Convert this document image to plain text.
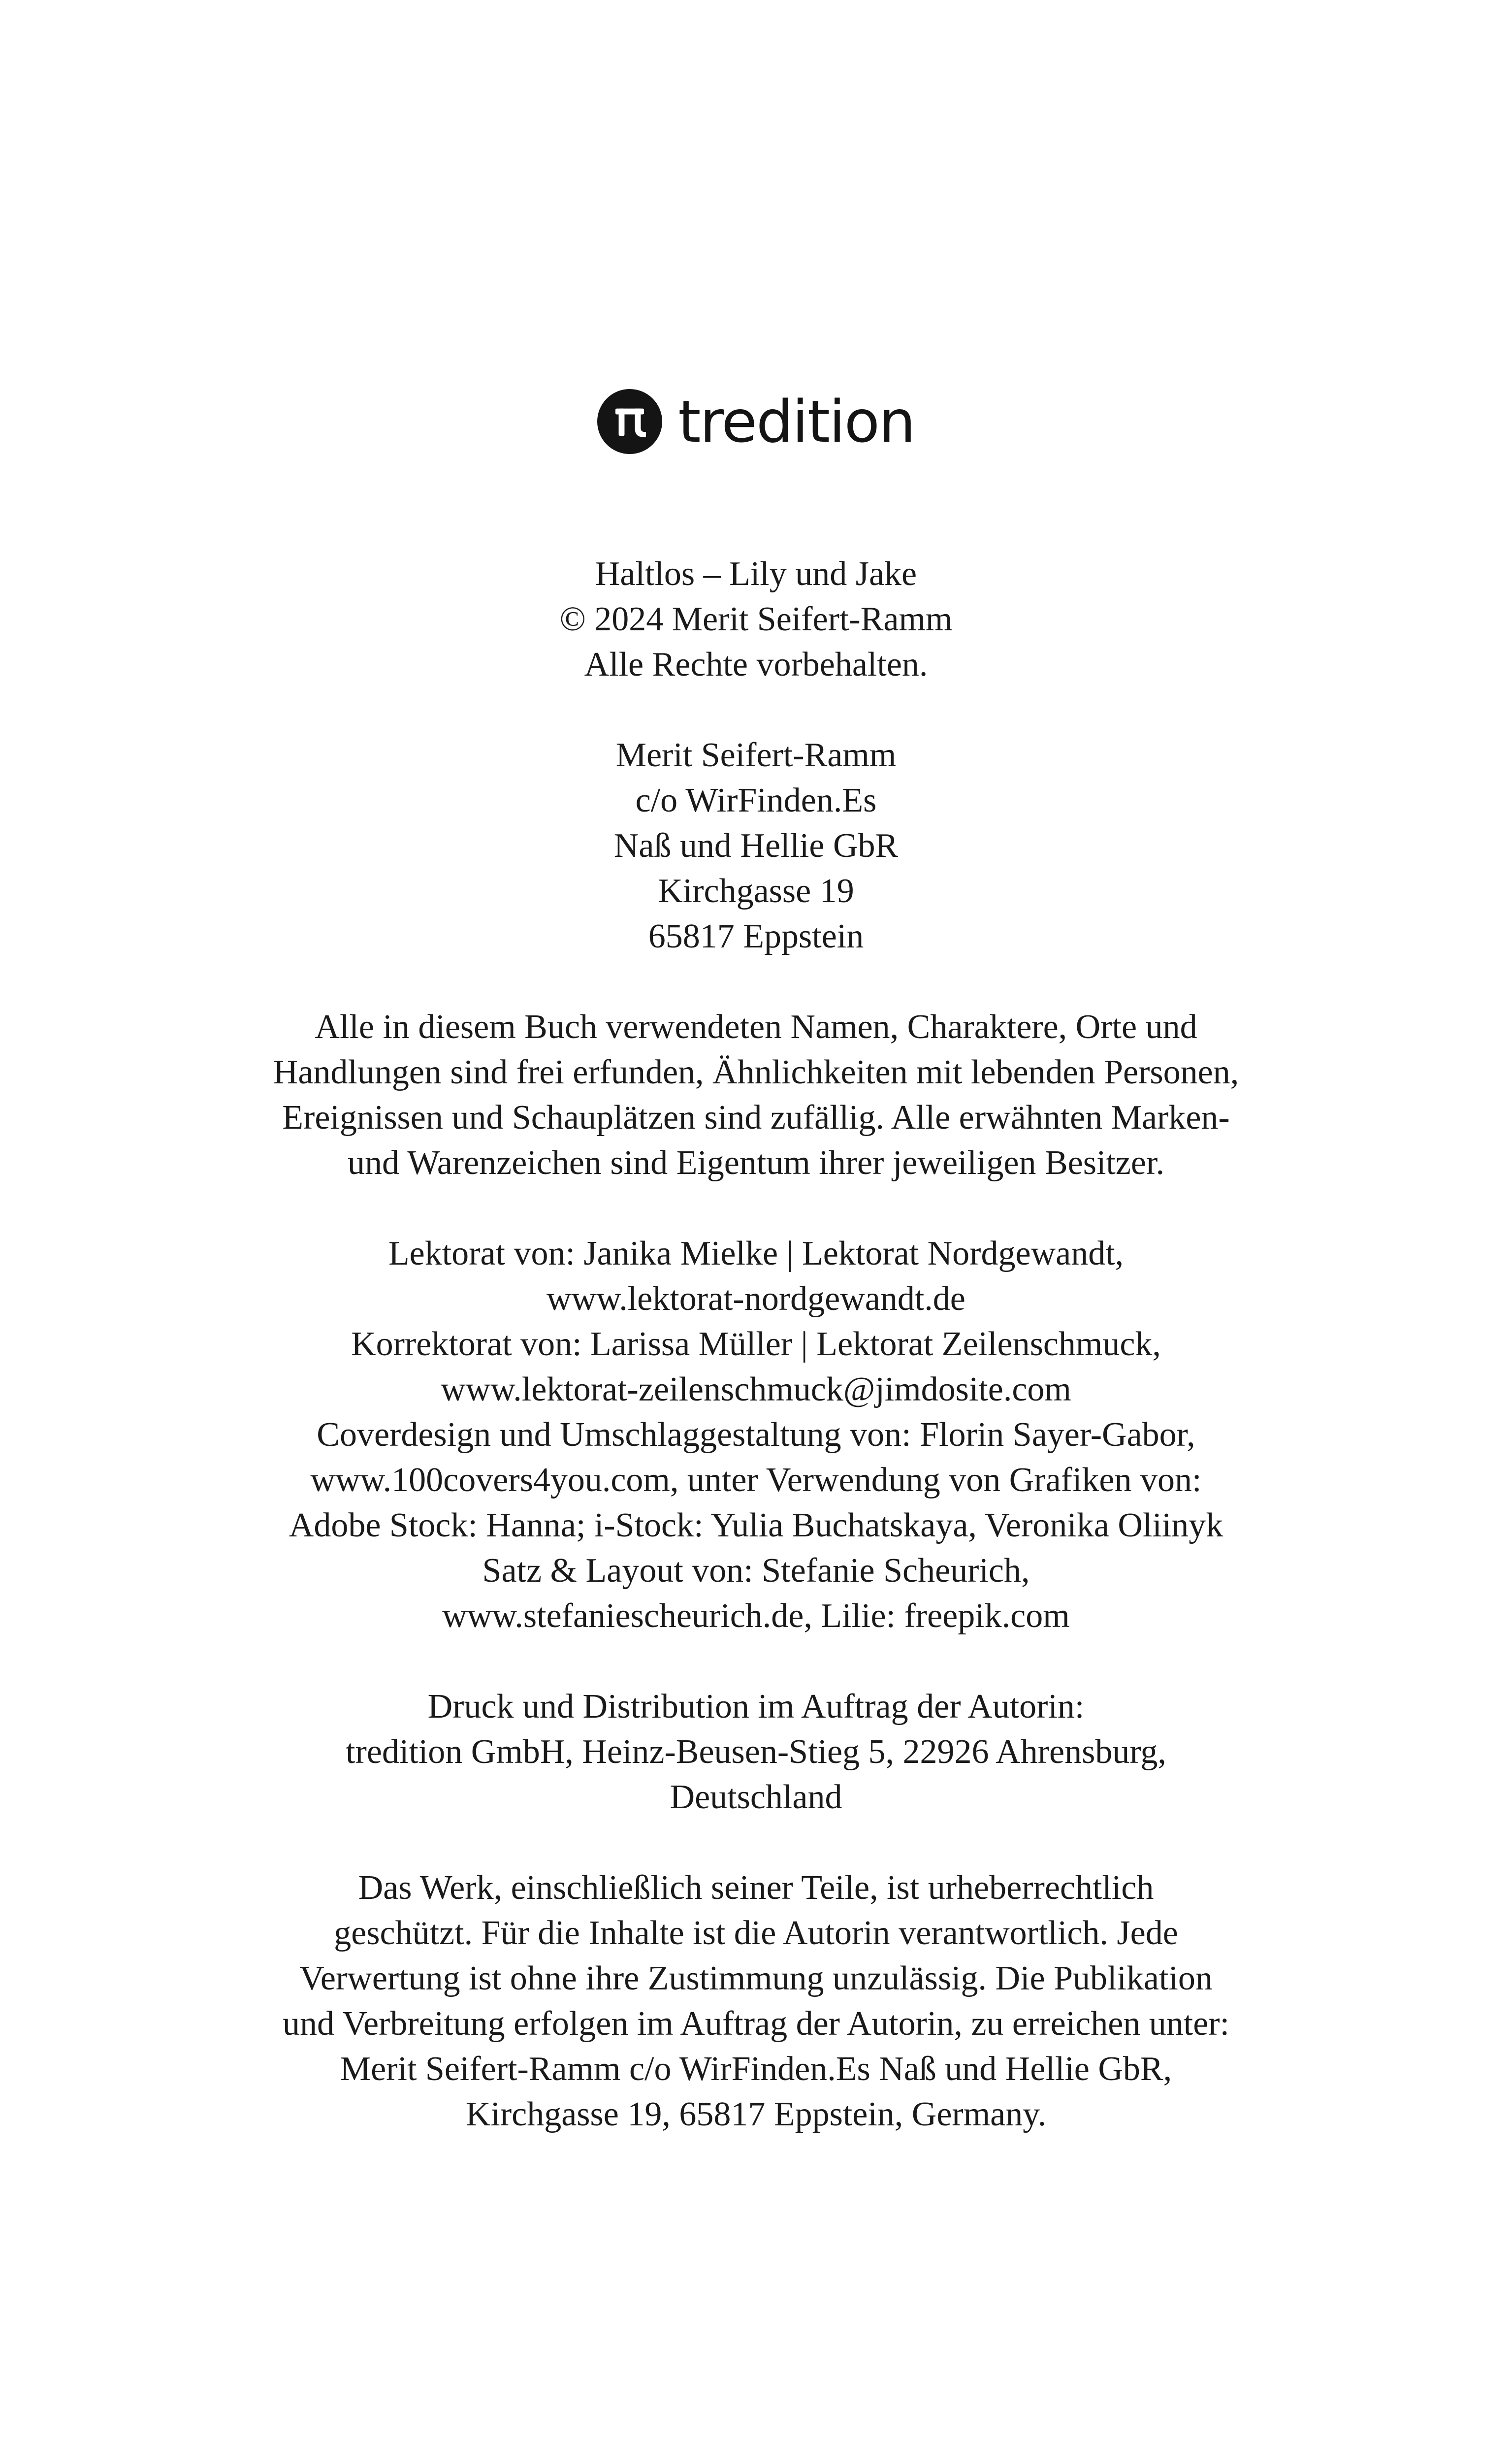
tredition
Haltlos – Lily und Jake
© 2024 Merit Seifert-Ramm
Alle Rechte vorbehalten.
Merit Seifert-Ramm
c/o WirFinden.Es
Naß und Hellie GbR
Kirchgasse 19
65817 Eppstein
Alle in diesem Buch verwendeten Namen, Charaktere, Orte und
Handlungen sind frei erfunden, Ähnlichkeiten mit lebenden Personen,
Ereignissen und Schauplätzen sind zufällig. Alle erwähnten Marken-
und Warenzeichen sind Eigentum ihrer jeweiligen Besitzer.
Lektorat von: Janika Mielke | Lektorat Nordgewandt,
www.lektorat-nordgewandt.de
Korrektorat von: Larissa Müller | Lektorat Zeilenschmuck,
www.lektorat-zeilenschmuck@jimdosite.com
Coverdesign und Umschlaggestaltung von: Florin Sayer-Gabor,
www.100covers4you.com, unter Verwendung von Grafiken von:
Adobe Stock: Hanna; i-Stock: Yulia Buchatskaya, Veronika Oliinyk
Satz & Layout von: Stefanie Scheurich,
www.stefaniescheurich.de, Lilie: freepik.com
Druck und Distribution im Auftrag der Autorin:
tredition GmbH, Heinz-Beusen-Stieg 5, 22926 Ahrensburg,
Deutschland
Das Werk, einschließlich seiner Teile, ist urheberrechtlich
geschützt. Für die Inhalte ist die Autorin verantwortlich. Jede
Verwertung ist ohne ihre Zustimmung unzulässig. Die Publikation
und Verbreitung erfolgen im Auftrag der Autorin, zu erreichen unter:
Merit Seifert-Ramm c/o WirFinden.Es Naß und Hellie GbR,
Kirchgasse 19, 65817 Eppstein, Germany.
